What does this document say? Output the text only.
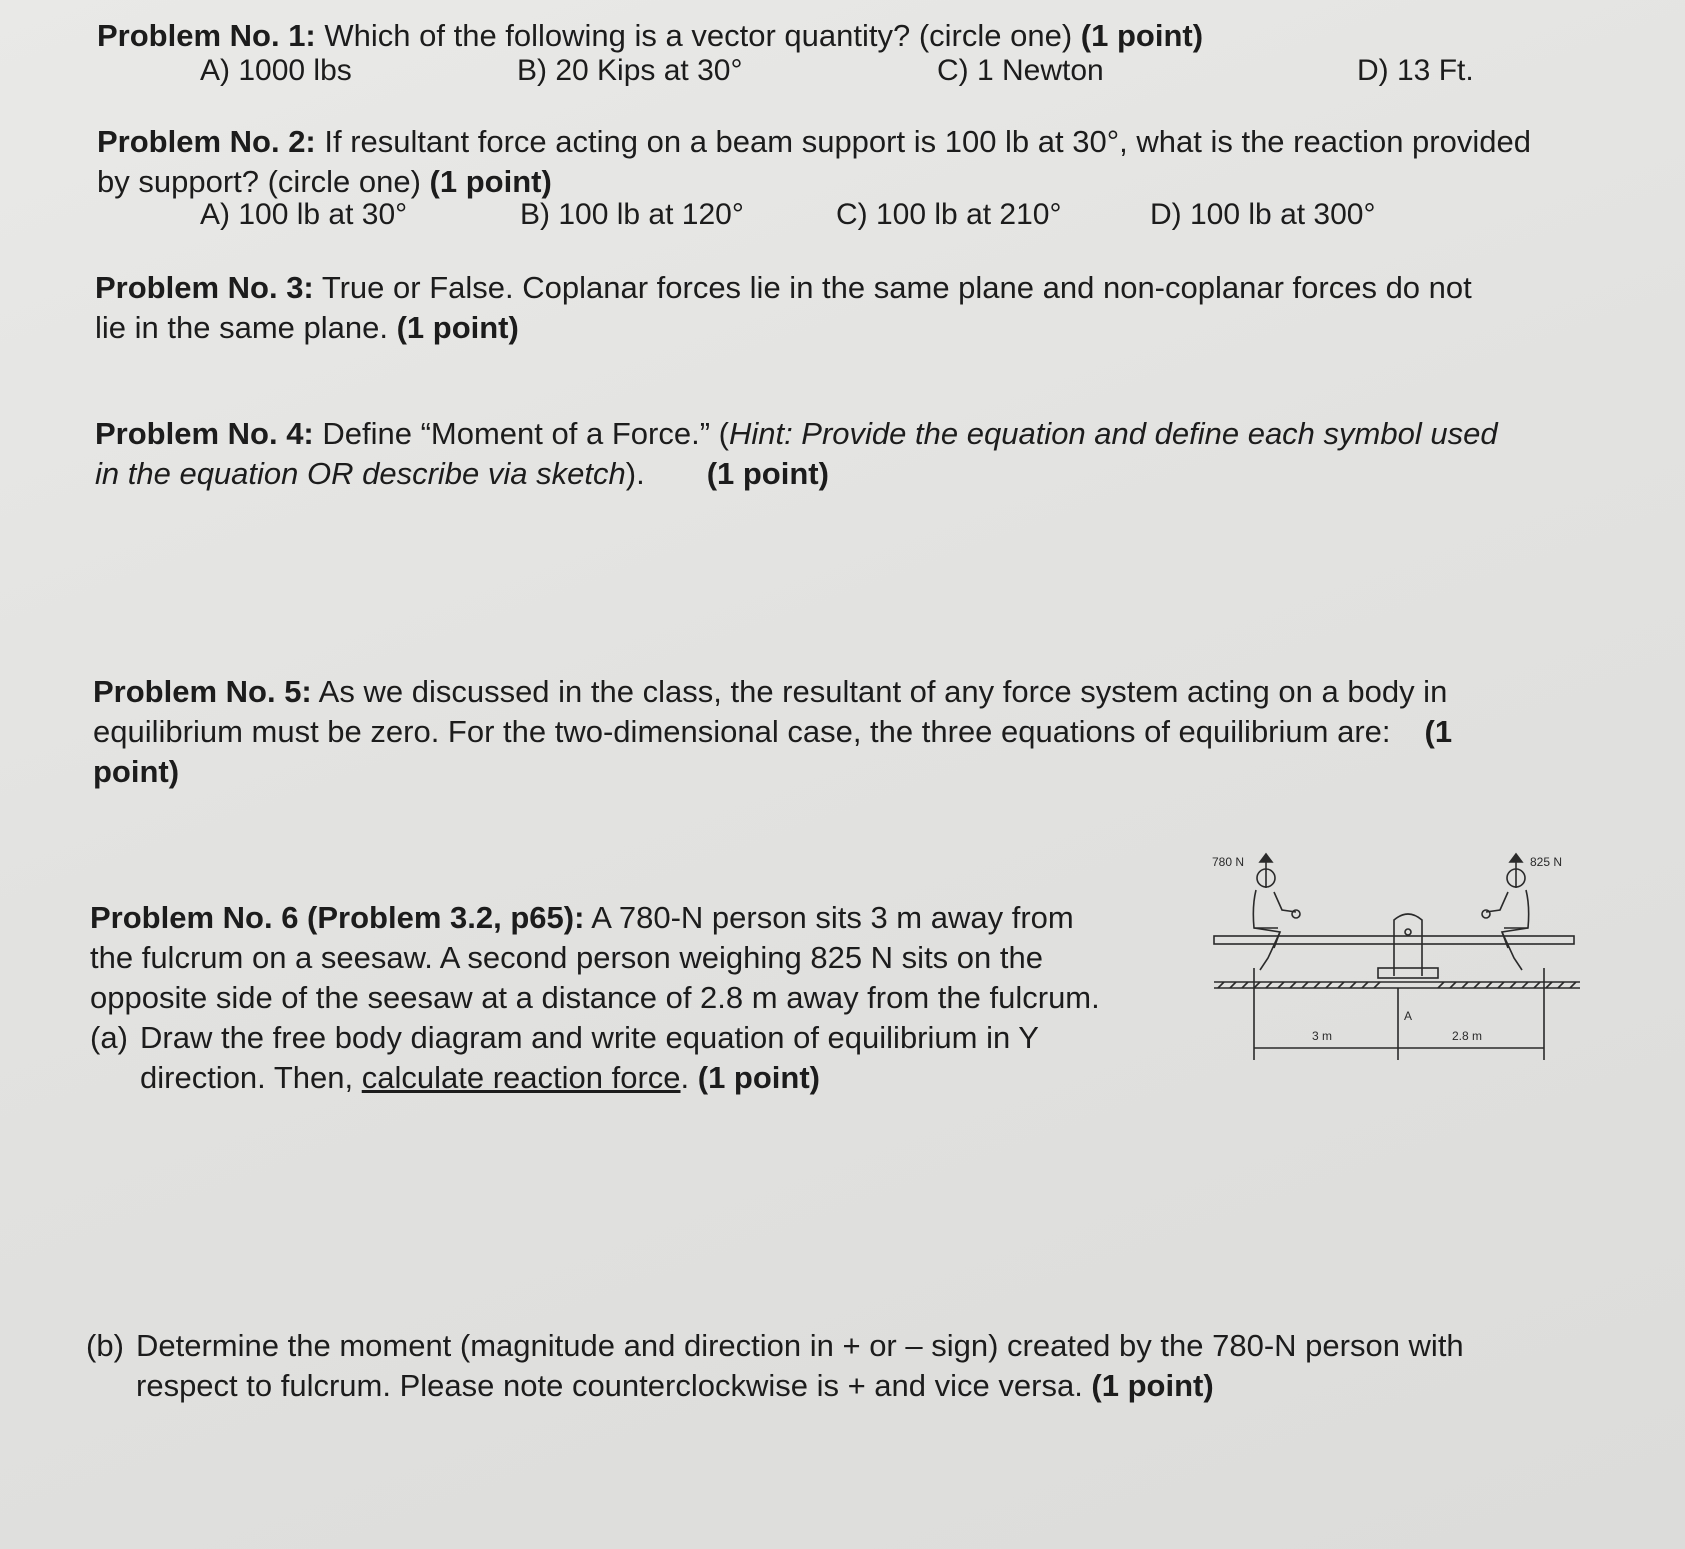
Problem No. 1: Which of the following is a vector quantity? (circle one) (1 point)

A) 1000 lbs	B) 20 Kips at 30°	C) 1 Newton	D) 13 Ft.

Problem No. 2: If resultant force acting on a beam support is 100 lb at 30°, what is the reaction provided

by support? (circle one) (1 point)

A) 100 lb at 30°	B) 100 lb at 120°	C) 100 lb at 210°	D) 100 lb at 300°

Problem No. 3: True or False. Coplanar forces lie in the same plane and non-coplanar forces do not

lie in the same plane. (1 point)

Problem No. 4: Define “Moment of a Force.” (Hint: Provide the equation and define each symbol used

in the equation OR describe via sketch). (1 point)

Problem No. 5: As we discussed in the class, the resultant of any force system acting on a body in

equilibrium must be zero. For the two-dimensional case, the three equations of equilibrium are: (1

point)

Problem No. 6 (Problem 3.2, p65): A 780-N person sits 3 m away from

the fulcrum on a seesaw. A second person weighing 825 N sits on the

opposite side of the seesaw at a distance of 2.8 m away from the fulcrum.

(a) Draw the free body diagram and write equation of equilibrium in Y
direction. Then, calculate reaction force. (1 point)
(b) Determine the moment (magnitude and direction in + or – sign) created by the 780-N person with
respect to fulcrum. Please note counterclockwise is + and vice versa. (1 point)
780 N	825 N
A
3 m	2.8 m
